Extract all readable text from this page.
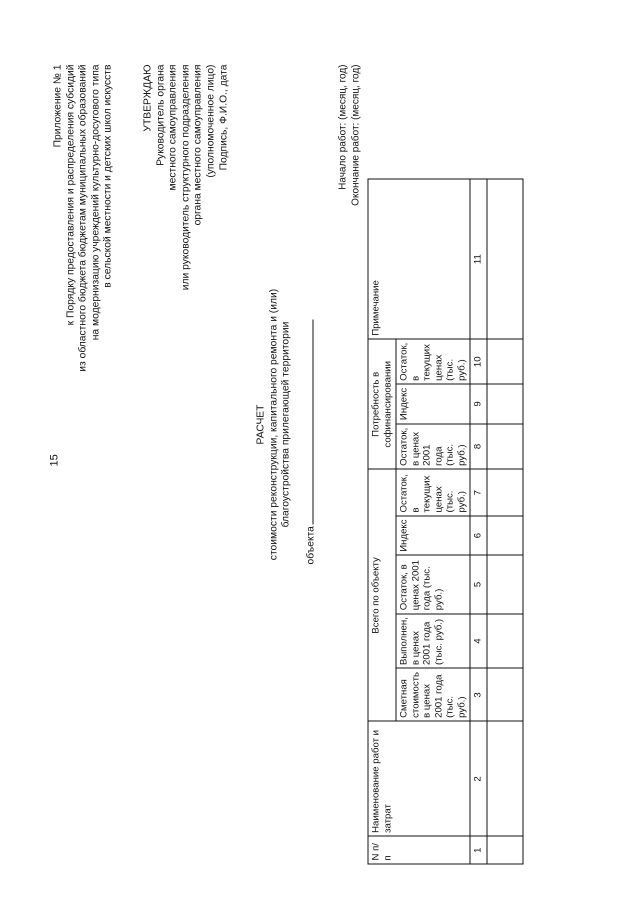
15
Приложение № 1 к Порядку предоставления и распределения субсидий из областного бюджета бюджетам муниципальных образований на модернизацию учреждений культурно-досугового типа в сельской местности и детских школ искусств	УТВЕРЖДАЮ Руководитель органа местного самоуправления или руководитель структурного подразделения органа местного самоуправления (уполномоченное лицо) Подпись, Ф.И.О., дата
РАСЧЕТ стоимости реконструкции, капитального ремонта и (или) благоустройства прилегающей территории
объекта
Начало работ: (месяц, год) Окончание работ: (месяц, год)
N п/п	Наименование работ и затрат	Всего по объекту					Потребность в софинансировании			Примечание
		Сметная стоимость в ценах 2001 года (тыс. руб.)	Выполнен, в ценах 2001 года (тыс. руб.)	Остаток, в ценах 2001 года (тыс. руб.)	Индекс	Остаток, в текущих ценах (тыс. руб.)	Остаток, в ценах 2001 года (тыс. руб.)	Индекс	Остаток, в текущих ценах (тыс. руб.)	
1	2	3	4	5	6	7	8	9	10	11
